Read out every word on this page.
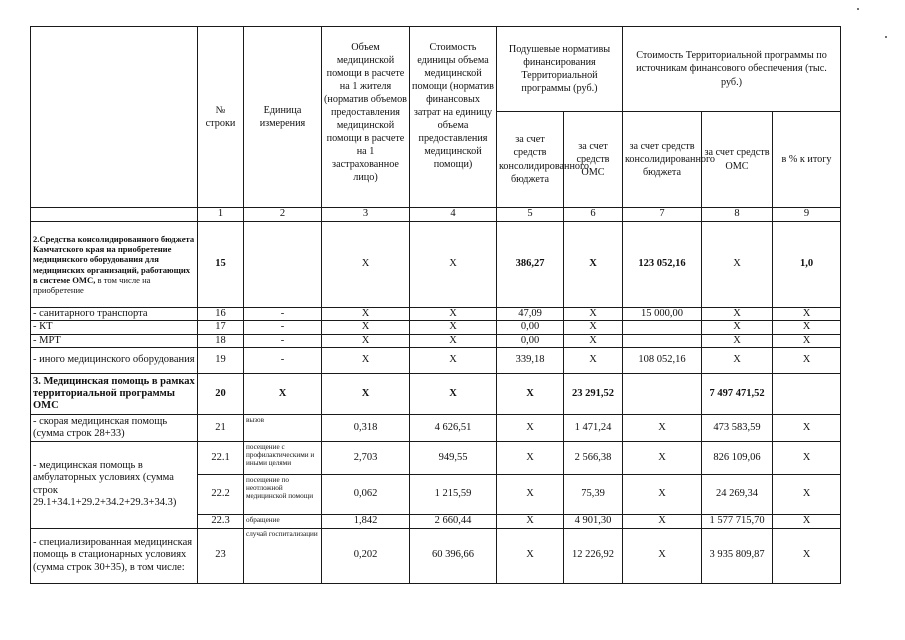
	№ строки	Единица измерения	Объем медицинской помощи в расчете на 1 жителя (норматив объемов предоставления медицинской помощи в расчете на 1 застрахованное лицо)	Стоимость единицы объема медицинской помощи (норматив финансовых затрат на единицу объема предоставления медицинской помощи)	Подушевые нормативы финансирования Территориальной программы (руб.)		Стоимость Территориальной программы по источникам финансового обеспечения (тыс. руб.)		
					за счет средств консолидированного бюджета	за счет средств ОМС	за счет средств консолидированного бюджета	за счет средств ОМС	в % к итогу
	1	2	3	4	5	6	7	8	9
2.Средства консолидированного бюджета Камчатского края на приобретение медицинского оборудования для медицинских организаций, работающих в системе ОМС, в том числе на приобретение	15		X	X	386,27	X	123 052,16	X	1,0
- санитарного транспорта	16	-	X	X	47,09	X	15 000,00	X	X
- КТ	17	-	X	X	0,00	X		X	X
- МРТ	18	-	X	X	0,00	X		X	X
- иного медицинского оборудования	19	-	X	X	339,18	X	108 052,16	X	X
3. Медицинская помощь в рамках территориальной программы ОМС	20	X	X	X	X	23 291,52		7 497 471,52	
- скорая медицинская помощь (сумма строк 28+33)	21	вызов	0,318	4 626,51	X	1 471,24	X	473 583,59	X
- медицинская помощь в амбулаторных условиях (сумма строк 29.1+34.1+29.2+34.2+29.3+34.3)	22.1	посещение с профилактическими и иными целями	2,703	949,55	X	2 566,38	X	826 109,06	X
	22.2	посещение по неотложной медицинской помощи	0,062	1 215,59	X	75,39	X	24 269,34	X
	22.3	обращение	1,842	2 660,44	X	4 901,30	X	1 577 715,70	X
- специализированная медицинская помощь в стационарных условиях (сумма строк 30+35), в том числе:	23	случай госпитализации	0,202	60 396,66	X	12 226,92	X	3 935 809,87	X
